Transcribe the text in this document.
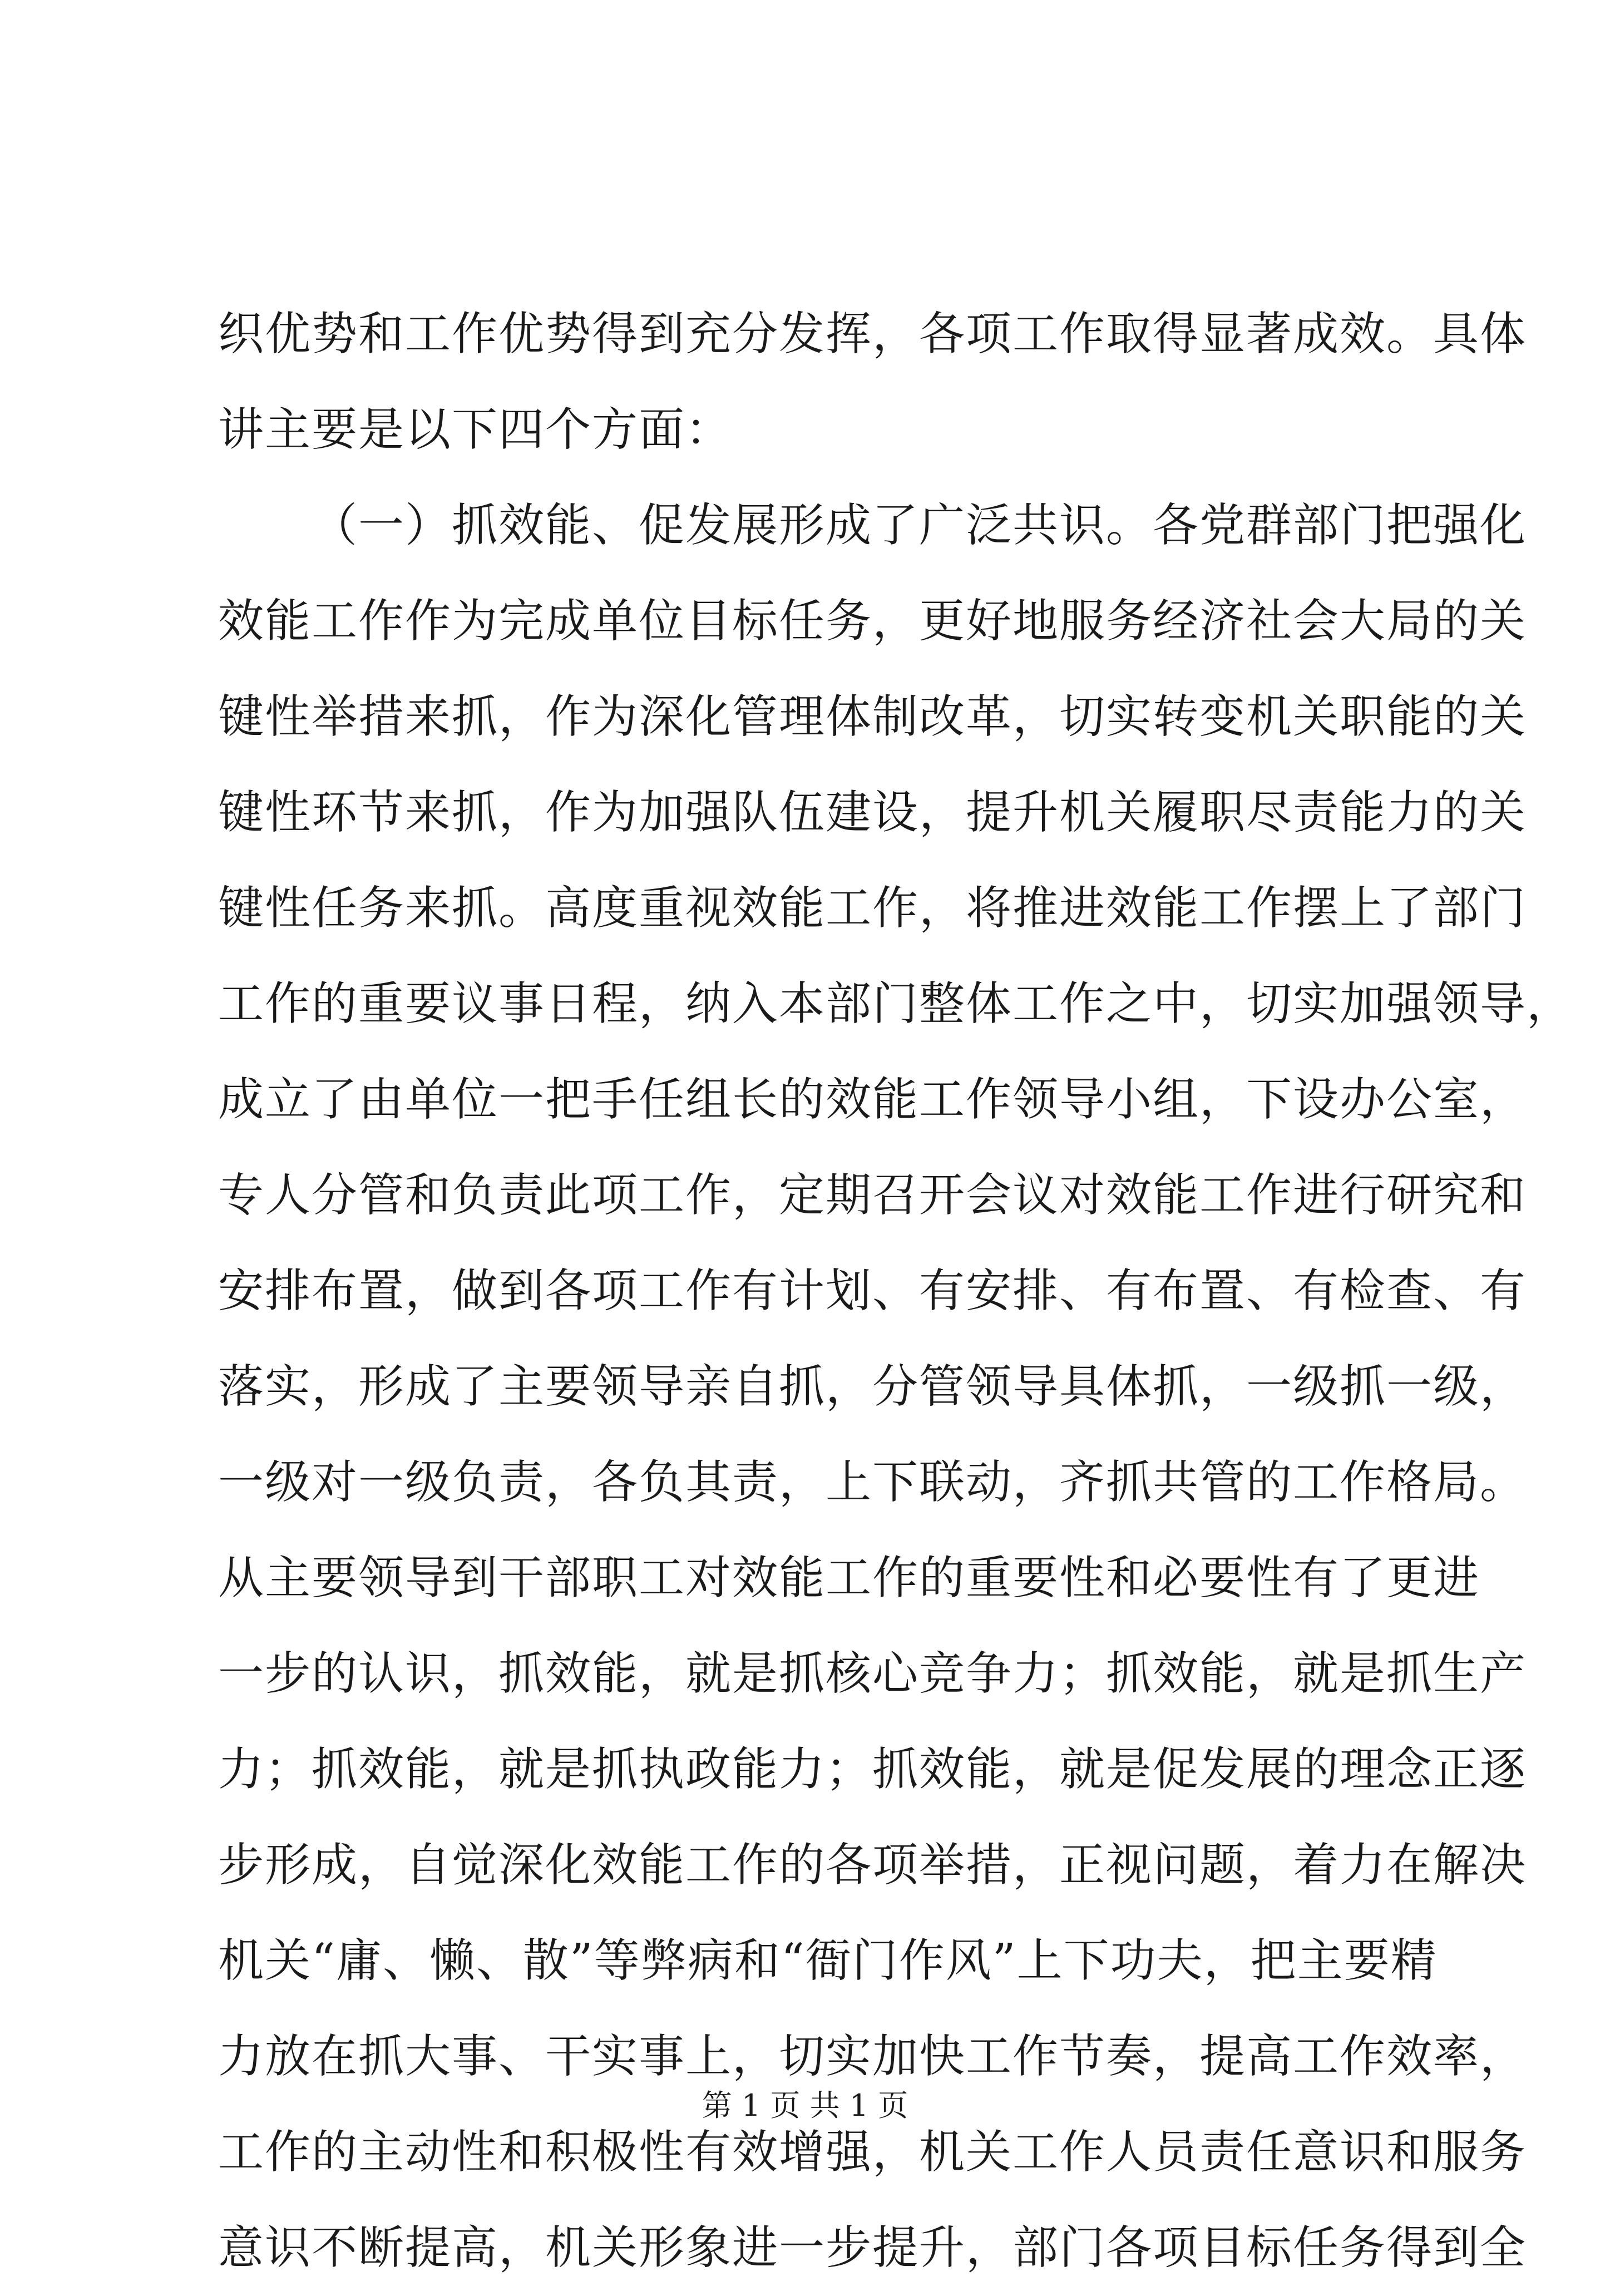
织优势和工作优势得到充分发挥，各项工作取得显著成效。具体
讲主要是以下四个方面：
（一）抓效能、促发展形成了广泛共识。各党群部门把强化
效能工作作为完成单位目标任务，更好地服务经济社会大局的关
键性举措来抓，作为深化管理体制改革，切实转变机关职能的关
键性环节来抓，作为加强队伍建设，提升机关履职尽责能力的关
键性任务来抓。高度重视效能工作，将推进效能工作摆上了部门
工作的重要议事日程，纳入本部门整体工作之中，切实加强领导，
成立了由单位一把手任组长的效能工作领导小组，下设办公室，
专人分管和负责此项工作，定期召开会议对效能工作进行研究和
安排布置，做到各项工作有计划、有安排、有布置、有检查、有
落实，形成了主要领导亲自抓，分管领导具体抓，一级抓一级，
一级对一级负责，各负其责，上下联动，齐抓共管的工作格局。
从主要领导到干部职工对效能工作的重要性和必要性有了更进
一步的认识，抓效能，就是抓核心竞争力；抓效能，就是抓生产
力；抓效能，就是抓执政能力；抓效能，就是促发展的理念正逐
步形成，自觉深化效能工作的各项举措，正视问题，着力在解决
机关“庸、懒、散”等弊病和“衙门作风”上下功夫，把主要精
力放在抓大事、干实事上，切实加快工作节奏，提高工作效率，
工作的主动性和积极性有效增强，机关工作人员责任意识和服务
意识不断提高，机关形象进一步提升，部门各项目标任务得到全
第 1 页 共 1 页
